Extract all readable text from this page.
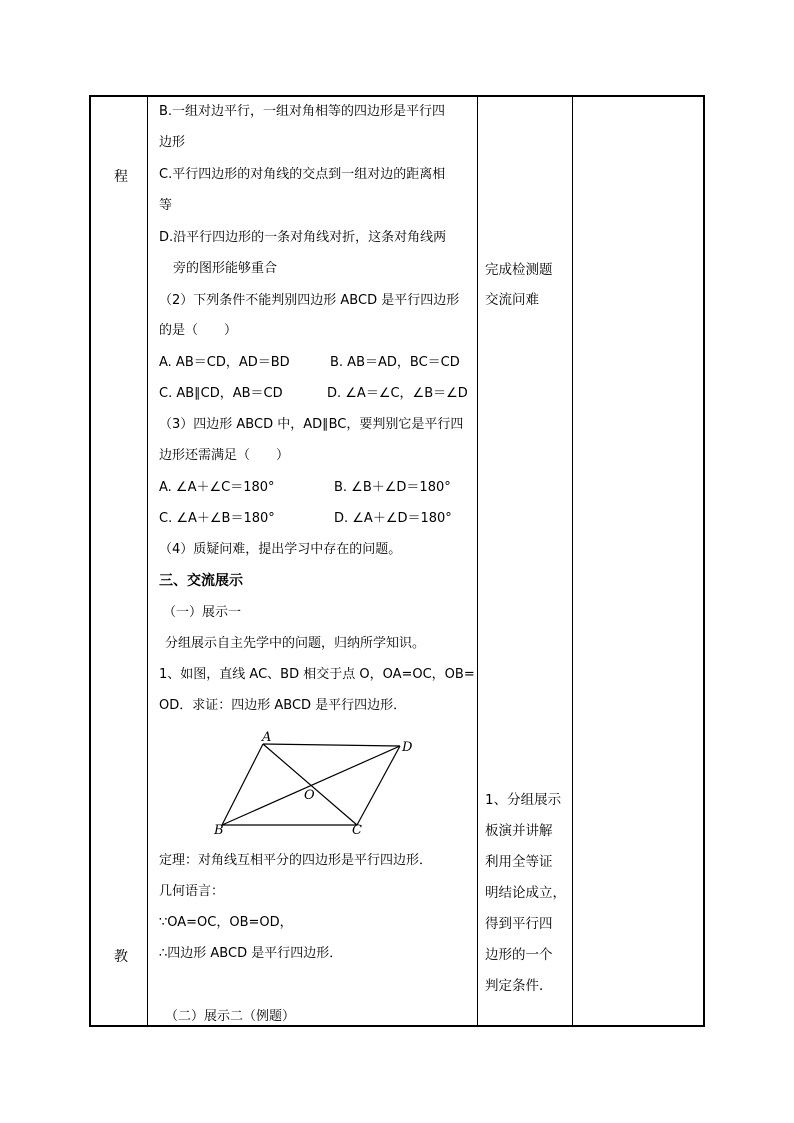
程
教
B.一组对边平行，一组对角相等的四边形是平行四
边形
C.平行四边形的对角线的交点到一组对边的距离相
等
D.沿平行四边形的一条对角线对折，这条对角线两
旁的图形能够重合
（2）下列条件不能判别四边形 ABCD 是平行四边形
的是（　　）
A. AB＝CD，AD＝BD	B. AB＝AD，BC＝CD
C. AB∥CD，AB＝CD	D. ∠A＝∠C，∠B＝∠D
（3）四边形 ABCD 中，AD∥BC，要判别它是平行四
边形还需满足（　　）
A. ∠A＋∠C＝180°	B. ∠B＋∠D＝180°
C. ∠A＋∠B＝180°	D. ∠A＋∠D＝180°
（4）质疑问难，提出学习中存在的问题。
三、交流展示
（一）展示一
分组展示自主先学中的问题，归纳所学知识。
1、如图，直线 AC、BD 相交于点 O，OA=OC，OB=
OD．求证：四边形 ABCD 是平行四边形．
定理：对角线互相平分的四边形是平行四边形．
几何语言：
∵OA=OC，OB=OD，
∴四边形 ABCD 是平行四边形．
（二）展示二（例题）
A
D
B	C
O
完成检测题
交流问难
1、分组展示
板演并讲解
利用全等证
明结论成立，
得到平行四
边形的一个
判定条件．
